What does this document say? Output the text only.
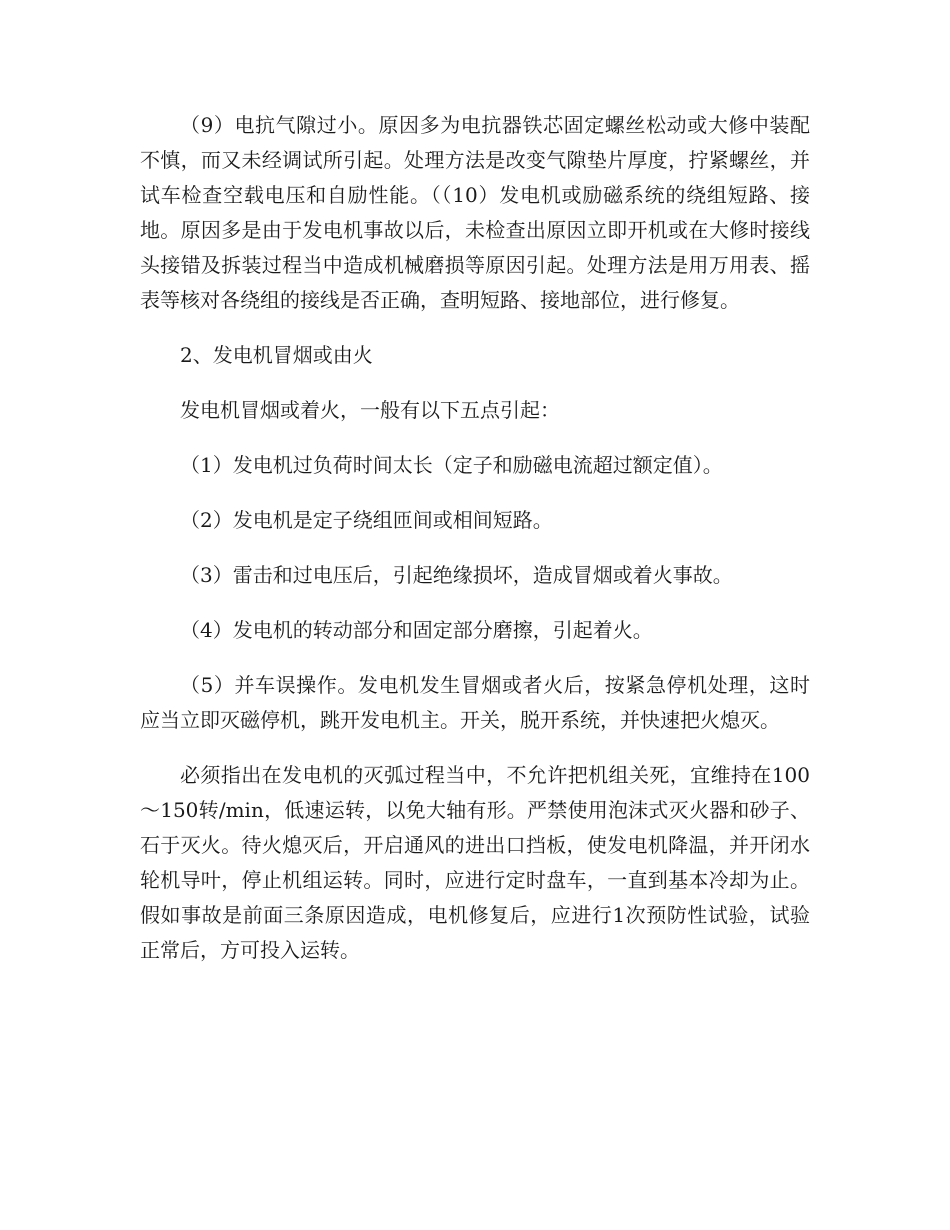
（9）电抗气隙过小。原因多为电抗器铁芯固定螺丝松动或大修中装配不慎，而又未经调试所引起。处理方法是改变气隙垫片厚度，拧紧螺丝，并试车检查空载电压和自励性能。（（10）发电机或励磁系统的绕组短路、接地。原因多是由于发电机事故以后，未检查出原因立即开机或在大修时接线头接错及拆装过程当中造成机械磨损等原因引起。处理方法是用万用表、摇表等核对各绕组的接线是否正确，查明短路、接地部位，进行修复。

2、发电机冒烟或由火

发电机冒烟或着火，一般有以下五点引起：

（1）发电机过负荷时间太长（定子和励磁电流超过额定值）。

（2）发电机是定子绕组匝间或相间短路。

（3）雷击和过电压后，引起绝缘损坏，造成冒烟或着火事故。

（4）发电机的转动部分和固定部分磨擦，引起着火。

（5）并车误操作。发电机发生冒烟或者火后，按紧急停机处理，这时应当立即灭磁停机，跳开发电机主。开关，脱开系统，并快速把火熄灭。

必须指出在发电机的灭弧过程当中，不允许把机组关死，宜维持在100～150转/min，低速运转，以免大轴有形。严禁使用泡沫式灭火器和砂子、石于灭火。待火熄灭后，开启通风的进出口挡板，使发电机降温，并开闭水轮机导叶，停止机组运转。同时，应进行定时盘车，一直到基本冷却为止。假如事故是前面三条原因造成，电机修复后，应进行1次预防性试验，试验正常后，方可投入运转。
